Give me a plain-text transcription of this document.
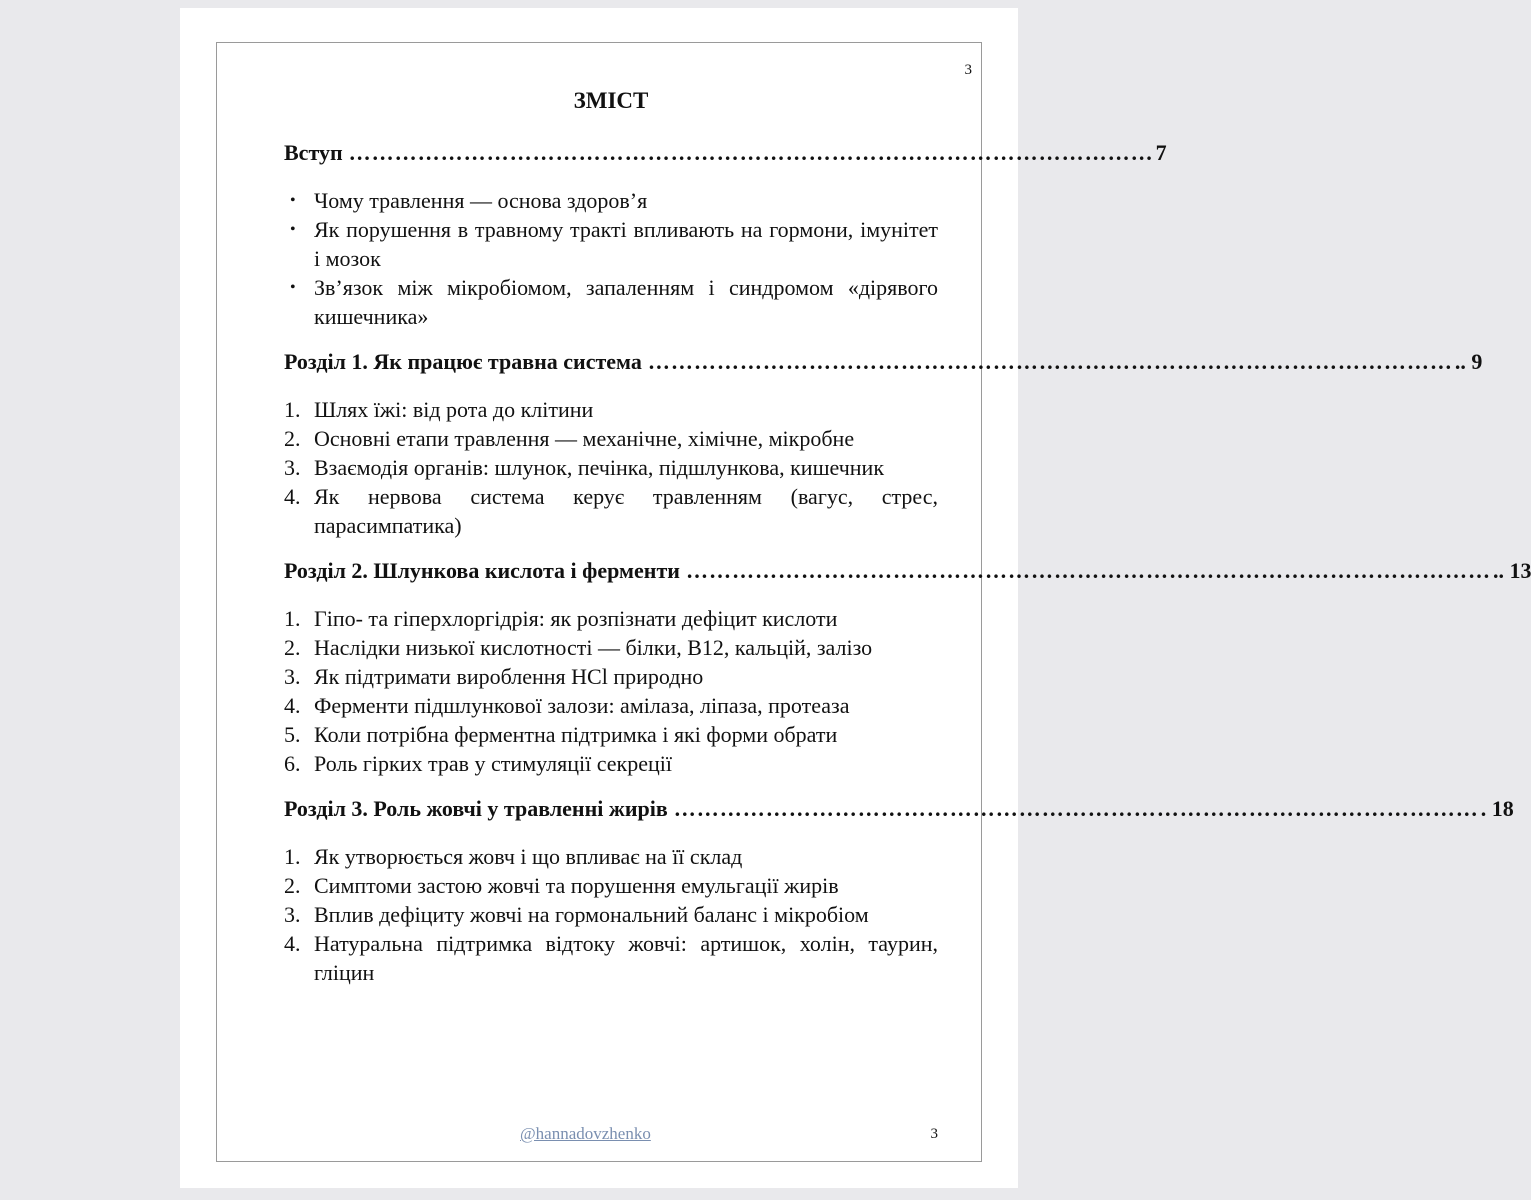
3
ЗМІСТ
Вступ …………………………………………………………………………………………… 7
• Чому травлення — основа здоров’я
• Як порушення в травному тракті впливають на гормони, імунітет і мозок
• Зв’язок між мікробіомом, запаленням і синдромом «дірявого кишечника»
Розділ 1. Як працює травна система …………………………………………………………………………………………… .. 9
1. Шлях їжі: від рота до клітини
2. Основні етапи травлення — механічне, хімічне, мікробне
3. Взаємодія органів: шлунок, печінка, підшлункова, кишечник
4. Як нервова система керує травленням (вагус, стрес, парасимпатика)
Розділ 2. Шлункова кислота і ферменти …………………………………………………………………………………………… .. 13
1. Гіпо- та гіперхлоргідрія: як розпізнати дефіцит кислоти
2. Наслідки низької кислотності — білки, B12, кальцій, залізо
3. Як підтримати вироблення HCl природно
4. Ферменти підшлункової залози: амілаза, ліпаза, протеаза
5. Коли потрібна ферментна підтримка і які форми обрати
6. Роль гірких трав у стимуляції секреції
Розділ 3. Роль жовчі у травленні жирів …………………………………………………………………………………………… . 18
1. Як утворюється жовч і що впливає на її склад
2. Симптоми застою жовчі та порушення емульгації жирів
3. Вплив дефіциту жовчі на гормональний баланс і мікробіом
4. Натуральна підтримка відтоку жовчі: артишок, холін, таурин, гліцин
@hannadovzhenko	3
